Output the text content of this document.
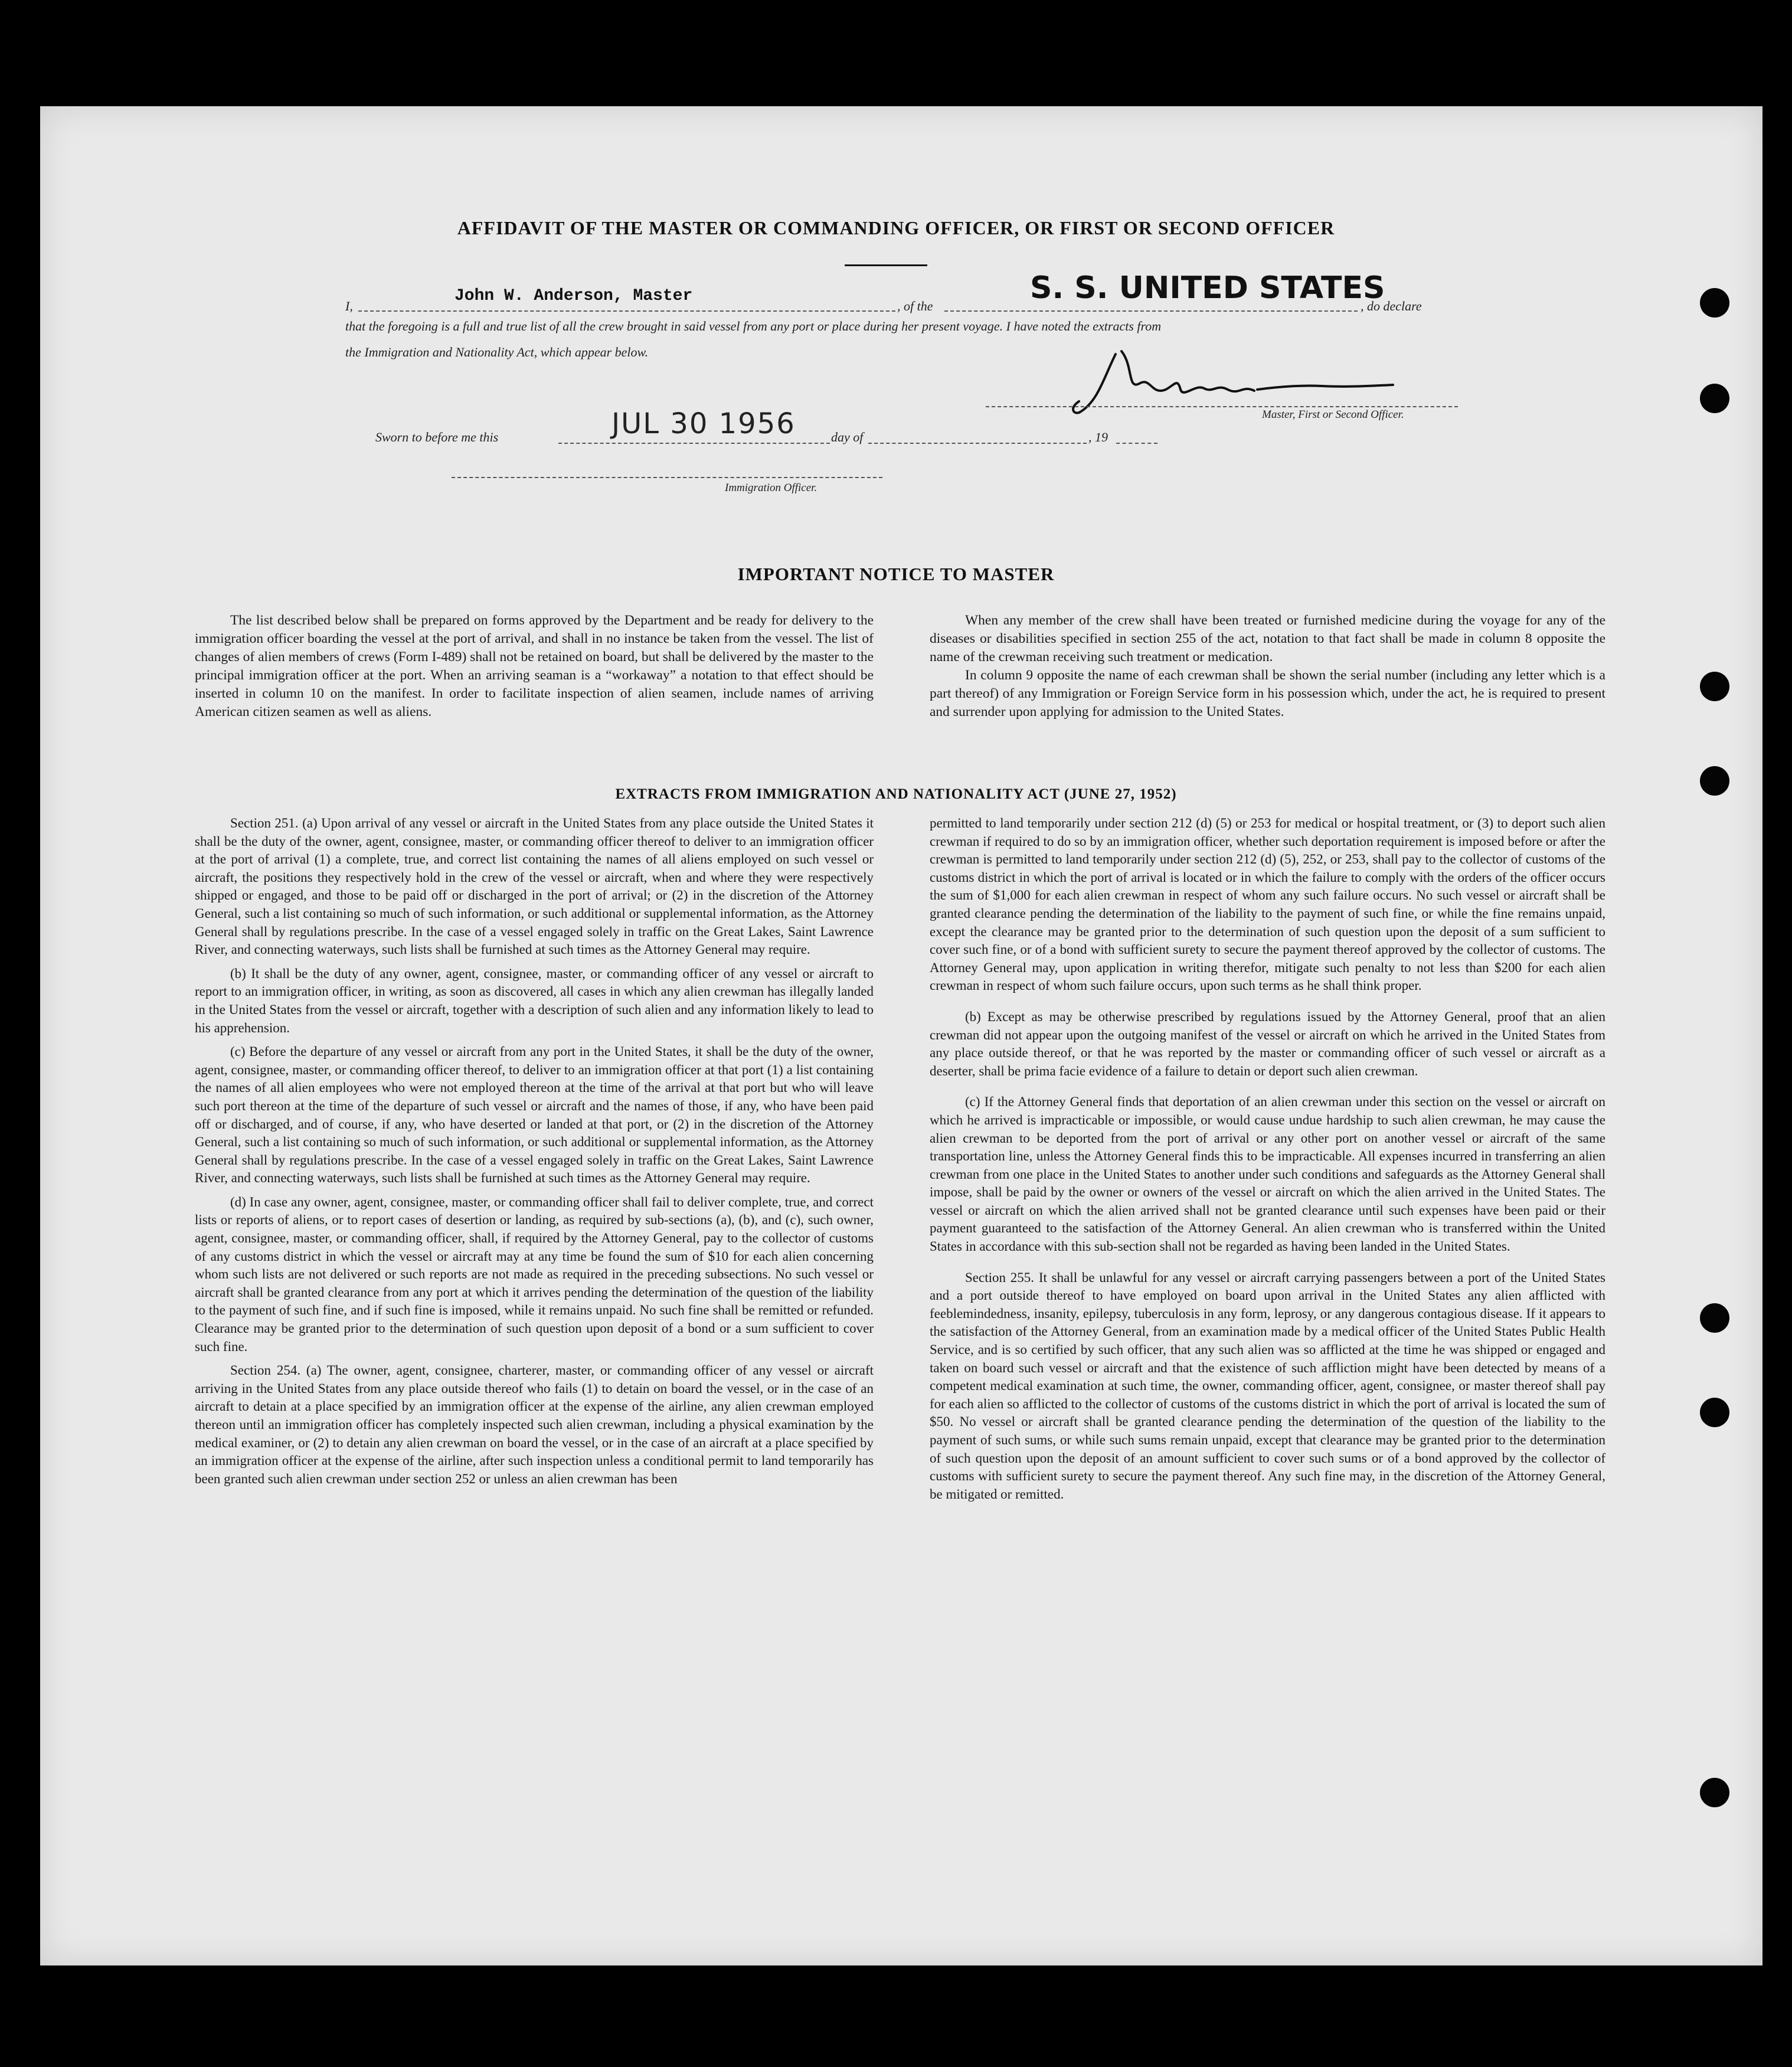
AFFIDAVIT OF THE MASTER OR COMMANDING OFFICER, OR FIRST OR SECOND OFFICER
I,
John W. Anderson, Master
, of the
S. S. UNITED STATES
, do declare
that the foregoing is a full and true list of all the crew brought in said vessel from any port or place during her present voyage. I have noted the extracts from
the Immigration and Nationality Act, which appear below.
Master, First or Second Officer.
Sworn to before me this	JUL 30 1956	day of	, 19
Immigration Officer.
IMPORTANT NOTICE TO MASTER

The list described below shall be prepared on forms approved by the Department and be ready for delivery to the immigration officer boarding the vessel at the port of arrival, and shall in no instance be taken from the vessel. The list of changes of alien members of crews (Form I-489) shall not be retained on board, but shall be delivered by the master to the principal immigration officer at the port. When an arriving seaman is a “workaway” a notation to that effect should be inserted in column 10 on the manifest. In order to facilitate inspection of alien seamen, include names of arriving American citizen seamen as well as aliens.

When any member of the crew shall have been treated or furnished medicine during the voyage for any of the diseases or disabilities specified in section 255 of the act, notation to that fact shall be made in column 8 opposite the name of the crewman receiving such treatment or medication.

In column 9 opposite the name of each crewman shall be shown the serial number (including any letter which is a part thereof) of any Immigration or Foreign Service form in his possession which, under the act, he is required to present and surrender upon applying for admission to the United States.

EXTRACTS FROM IMMIGRATION AND NATIONALITY ACT (JUNE 27, 1952)

Section 251. (a) Upon arrival of any vessel or aircraft in the United States from any place outside the United States it shall be the duty of the owner, agent, consignee, master, or commanding officer thereof to deliver to an immigration officer at the port of arrival (1) a complete, true, and correct list containing the names of all aliens employed on such vessel or aircraft, the positions they respectively hold in the crew of the vessel or aircraft, when and where they were respectively shipped or engaged, and those to be paid off or discharged in the port of arrival; or (2) in the discretion of the Attorney General, such a list containing so much of such information, or such additional or supplemental information, as the Attorney General shall by regulations prescribe. In the case of a vessel engaged solely in traffic on the Great Lakes, Saint Lawrence River, and connecting waterways, such lists shall be furnished at such times as the Attorney General may require.

(b) It shall be the duty of any owner, agent, consignee, master, or commanding officer of any vessel or aircraft to report to an immigration officer, in writing, as soon as discovered, all cases in which any alien crewman has illegally landed in the United States from the vessel or aircraft, together with a description of such alien and any information likely to lead to his apprehension.

(c) Before the departure of any vessel or aircraft from any port in the United States, it shall be the duty of the owner, agent, consignee, master, or commanding officer thereof, to deliver to an immigration officer at that port (1) a list containing the names of all alien employees who were not employed thereon at the time of the arrival at that port but who will leave such port thereon at the time of the departure of such vessel or aircraft and the names of those, if any, who have been paid off or discharged, and of course, if any, who have deserted or landed at that port, or (2) in the discretion of the Attorney General, such a list containing so much of such information, or such additional or supplemental information, as the Attorney General shall by regulations prescribe. In the case of a vessel engaged solely in traffic on the Great Lakes, Saint Lawrence River, and connecting waterways, such lists shall be furnished at such times as the Attorney General may require.

(d) In case any owner, agent, consignee, master, or commanding officer shall fail to deliver complete, true, and correct lists or reports of aliens, or to report cases of desertion or landing, as required by sub-sections (a), (b), and (c), such owner, agent, consignee, master, or commanding officer, shall, if required by the Attorney General, pay to the collector of customs of any customs district in which the vessel or aircraft may at any time be found the sum of $10 for each alien concerning whom such lists are not delivered or such reports are not made as required in the preceding subsections. No such vessel or aircraft shall be granted clearance from any port at which it arrives pending the determination of the question of the liability to the payment of such fine, and if such fine is imposed, while it remains unpaid. No such fine shall be remitted or refunded. Clearance may be granted prior to the determination of such question upon deposit of a bond or a sum sufficient to cover such fine.

Section 254. (a) The owner, agent, consignee, charterer, master, or commanding officer of any vessel or aircraft arriving in the United States from any place outside thereof who fails (1) to detain on board the vessel, or in the case of an aircraft to detain at a place specified by an immigration officer at the expense of the airline, any alien crewman employed thereon until an immigration officer has completely inspected such alien crewman, including a physical examination by the medical examiner, or (2) to detain any alien crewman on board the vessel, or in the case of an aircraft at a place specified by an immigration officer at the expense of the airline, after such inspection unless a conditional permit to land temporarily has been granted such alien crewman under section 252 or unless an alien crewman has been

permitted to land temporarily under section 212 (d) (5) or 253 for medical or hospital treatment, or (3) to deport such alien crewman if required to do so by an immigration officer, whether such deportation requirement is imposed before or after the crewman is permitted to land temporarily under section 212 (d) (5), 252, or 253, shall pay to the collector of customs of the customs district in which the port of arrival is located or in which the failure to comply with the orders of the officer occurs the sum of $1,000 for each alien crewman in respect of whom any such failure occurs. No such vessel or aircraft shall be granted clearance pending the determination of the liability to the payment of such fine, or while the fine remains unpaid, except the clearance may be granted prior to the determination of such question upon the deposit of a sum sufficient to cover such fine, or of a bond with sufficient surety to secure the payment thereof approved by the collector of customs. The Attorney General may, upon application in writing therefor, mitigate such penalty to not less than $200 for each alien crewman in respect of whom such failure occurs, upon such terms as he shall think proper.

(b) Except as may be otherwise prescribed by regulations issued by the Attorney General, proof that an alien crewman did not appear upon the outgoing manifest of the vessel or aircraft on which he arrived in the United States from any place outside thereof, or that he was reported by the master or commanding officer of such vessel or aircraft as a deserter, shall be prima facie evidence of a failure to detain or deport such alien crewman.

(c) If the Attorney General finds that deportation of an alien crewman under this section on the vessel or aircraft on which he arrived is impracticable or impossible, or would cause undue hardship to such alien crewman, he may cause the alien crewman to be deported from the port of arrival or any other port on another vessel or aircraft of the same transportation line, unless the Attorney General finds this to be impracticable. All expenses incurred in transferring an alien crewman from one place in the United States to another under such conditions and safeguards as the Attorney General shall impose, shall be paid by the owner or owners of the vessel or aircraft on which the alien arrived in the United States. The vessel or aircraft on which the alien arrived shall not be granted clearance until such expenses have been paid or their payment guaranteed to the satisfaction of the Attorney General. An alien crewman who is transferred within the United States in accordance with this sub-section shall not be regarded as having been landed in the United States.

Section 255. It shall be unlawful for any vessel or aircraft carrying passengers between a port of the United States and a port outside thereof to have employed on board upon arrival in the United States any alien afflicted with feeblemindedness, insanity, epilepsy, tuberculosis in any form, leprosy, or any dangerous contagious disease. If it appears to the satisfaction of the Attorney General, from an examination made by a medical officer of the United States Public Health Service, and is so certified by such officer, that any such alien was so afflicted at the time he was shipped or engaged and taken on board such vessel or aircraft and that the existence of such affliction might have been detected by means of a competent medical examination at such time, the owner, commanding officer, agent, consignee, or master thereof shall pay for each alien so afflicted to the collector of customs of the customs district in which the port of arrival is located the sum of $50. No vessel or aircraft shall be granted clearance pending the determination of the question of the liability to the payment of such sums, or while such sums remain unpaid, except that clearance may be granted prior to the determination of such question upon the deposit of an amount sufficient to cover such sums or of a bond approved by the collector of customs with sufficient surety to secure the payment thereof. Any such fine may, in the discretion of the Attorney General, be mitigated or remitted.
